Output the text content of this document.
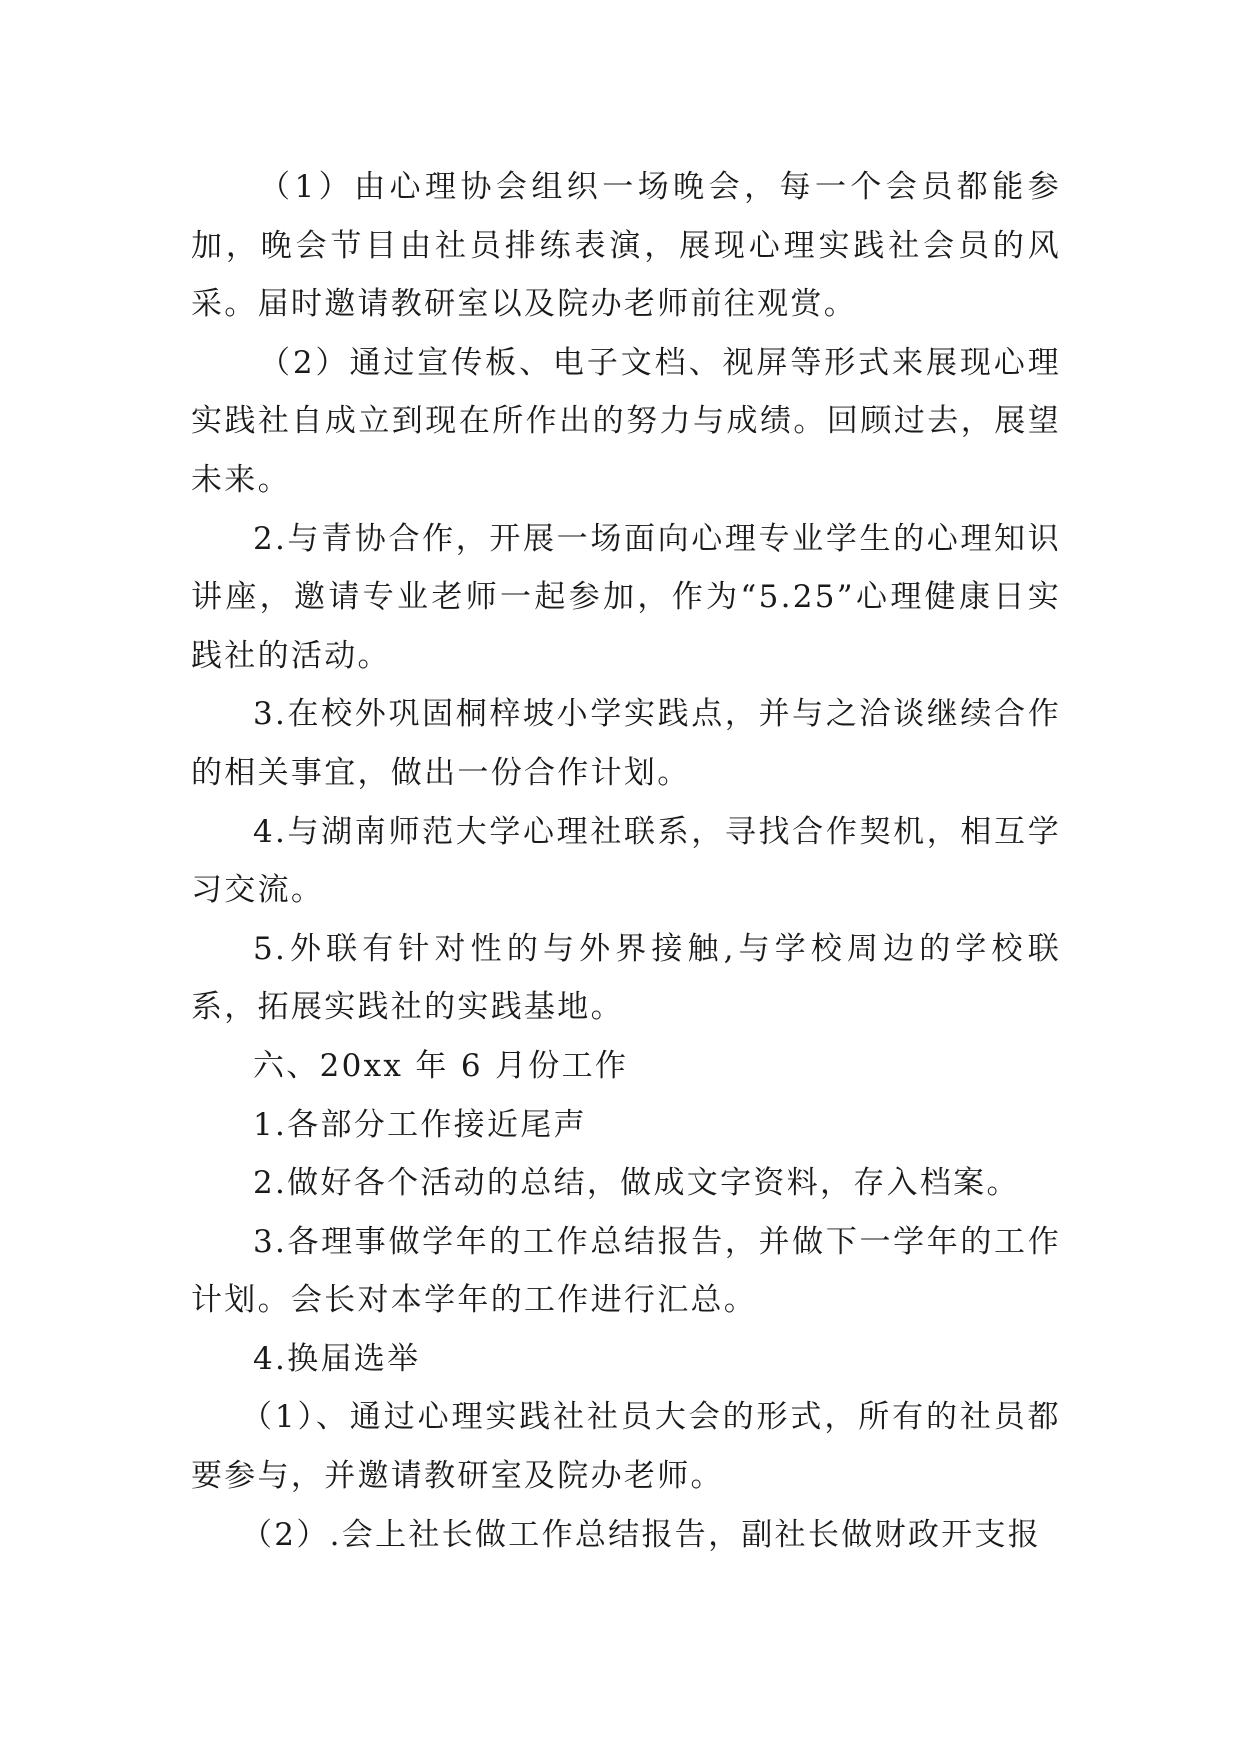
（1）由心理协会组织一场晚会，每一个会员都能参加，晚会节目由社员排练表演，展现心理实践社会员的风采。届时邀请教研室以及院办老师前往观赏。

（2）通过宣传板、电子文档、视屏等形式来展现心理实践社自成立到现在所作出的努力与成绩。回顾过去，展望未来。

2.与青协合作，开展一场面向心理专业学生的心理知识讲座，邀请专业老师一起参加，作为“5.25”心理健康日实践社的活动。

3.在校外巩固桐梓坡小学实践点，并与之洽谈继续合作的相关事宜，做出一份合作计划。

4.与湖南师范大学心理社联系，寻找合作契机，相互学习交流。

5.外联有针对性的与外界接触,与学校周边的学校联系，拓展实践社的实践基地。

六、20xx 年 6 月份工作

1.各部分工作接近尾声

2.做好各个活动的总结，做成文字资料，存入档案。

3.各理事做学年的工作总结报告，并做下一学年的工作计划。会长对本学年的工作进行汇总。

4.换届选举

（1）、通过心理实践社社员大会的形式，所有的社员都要参与，并邀请教研室及院办老师。

（2）.会上社长做工作总结报告，副社长做财政开支报
